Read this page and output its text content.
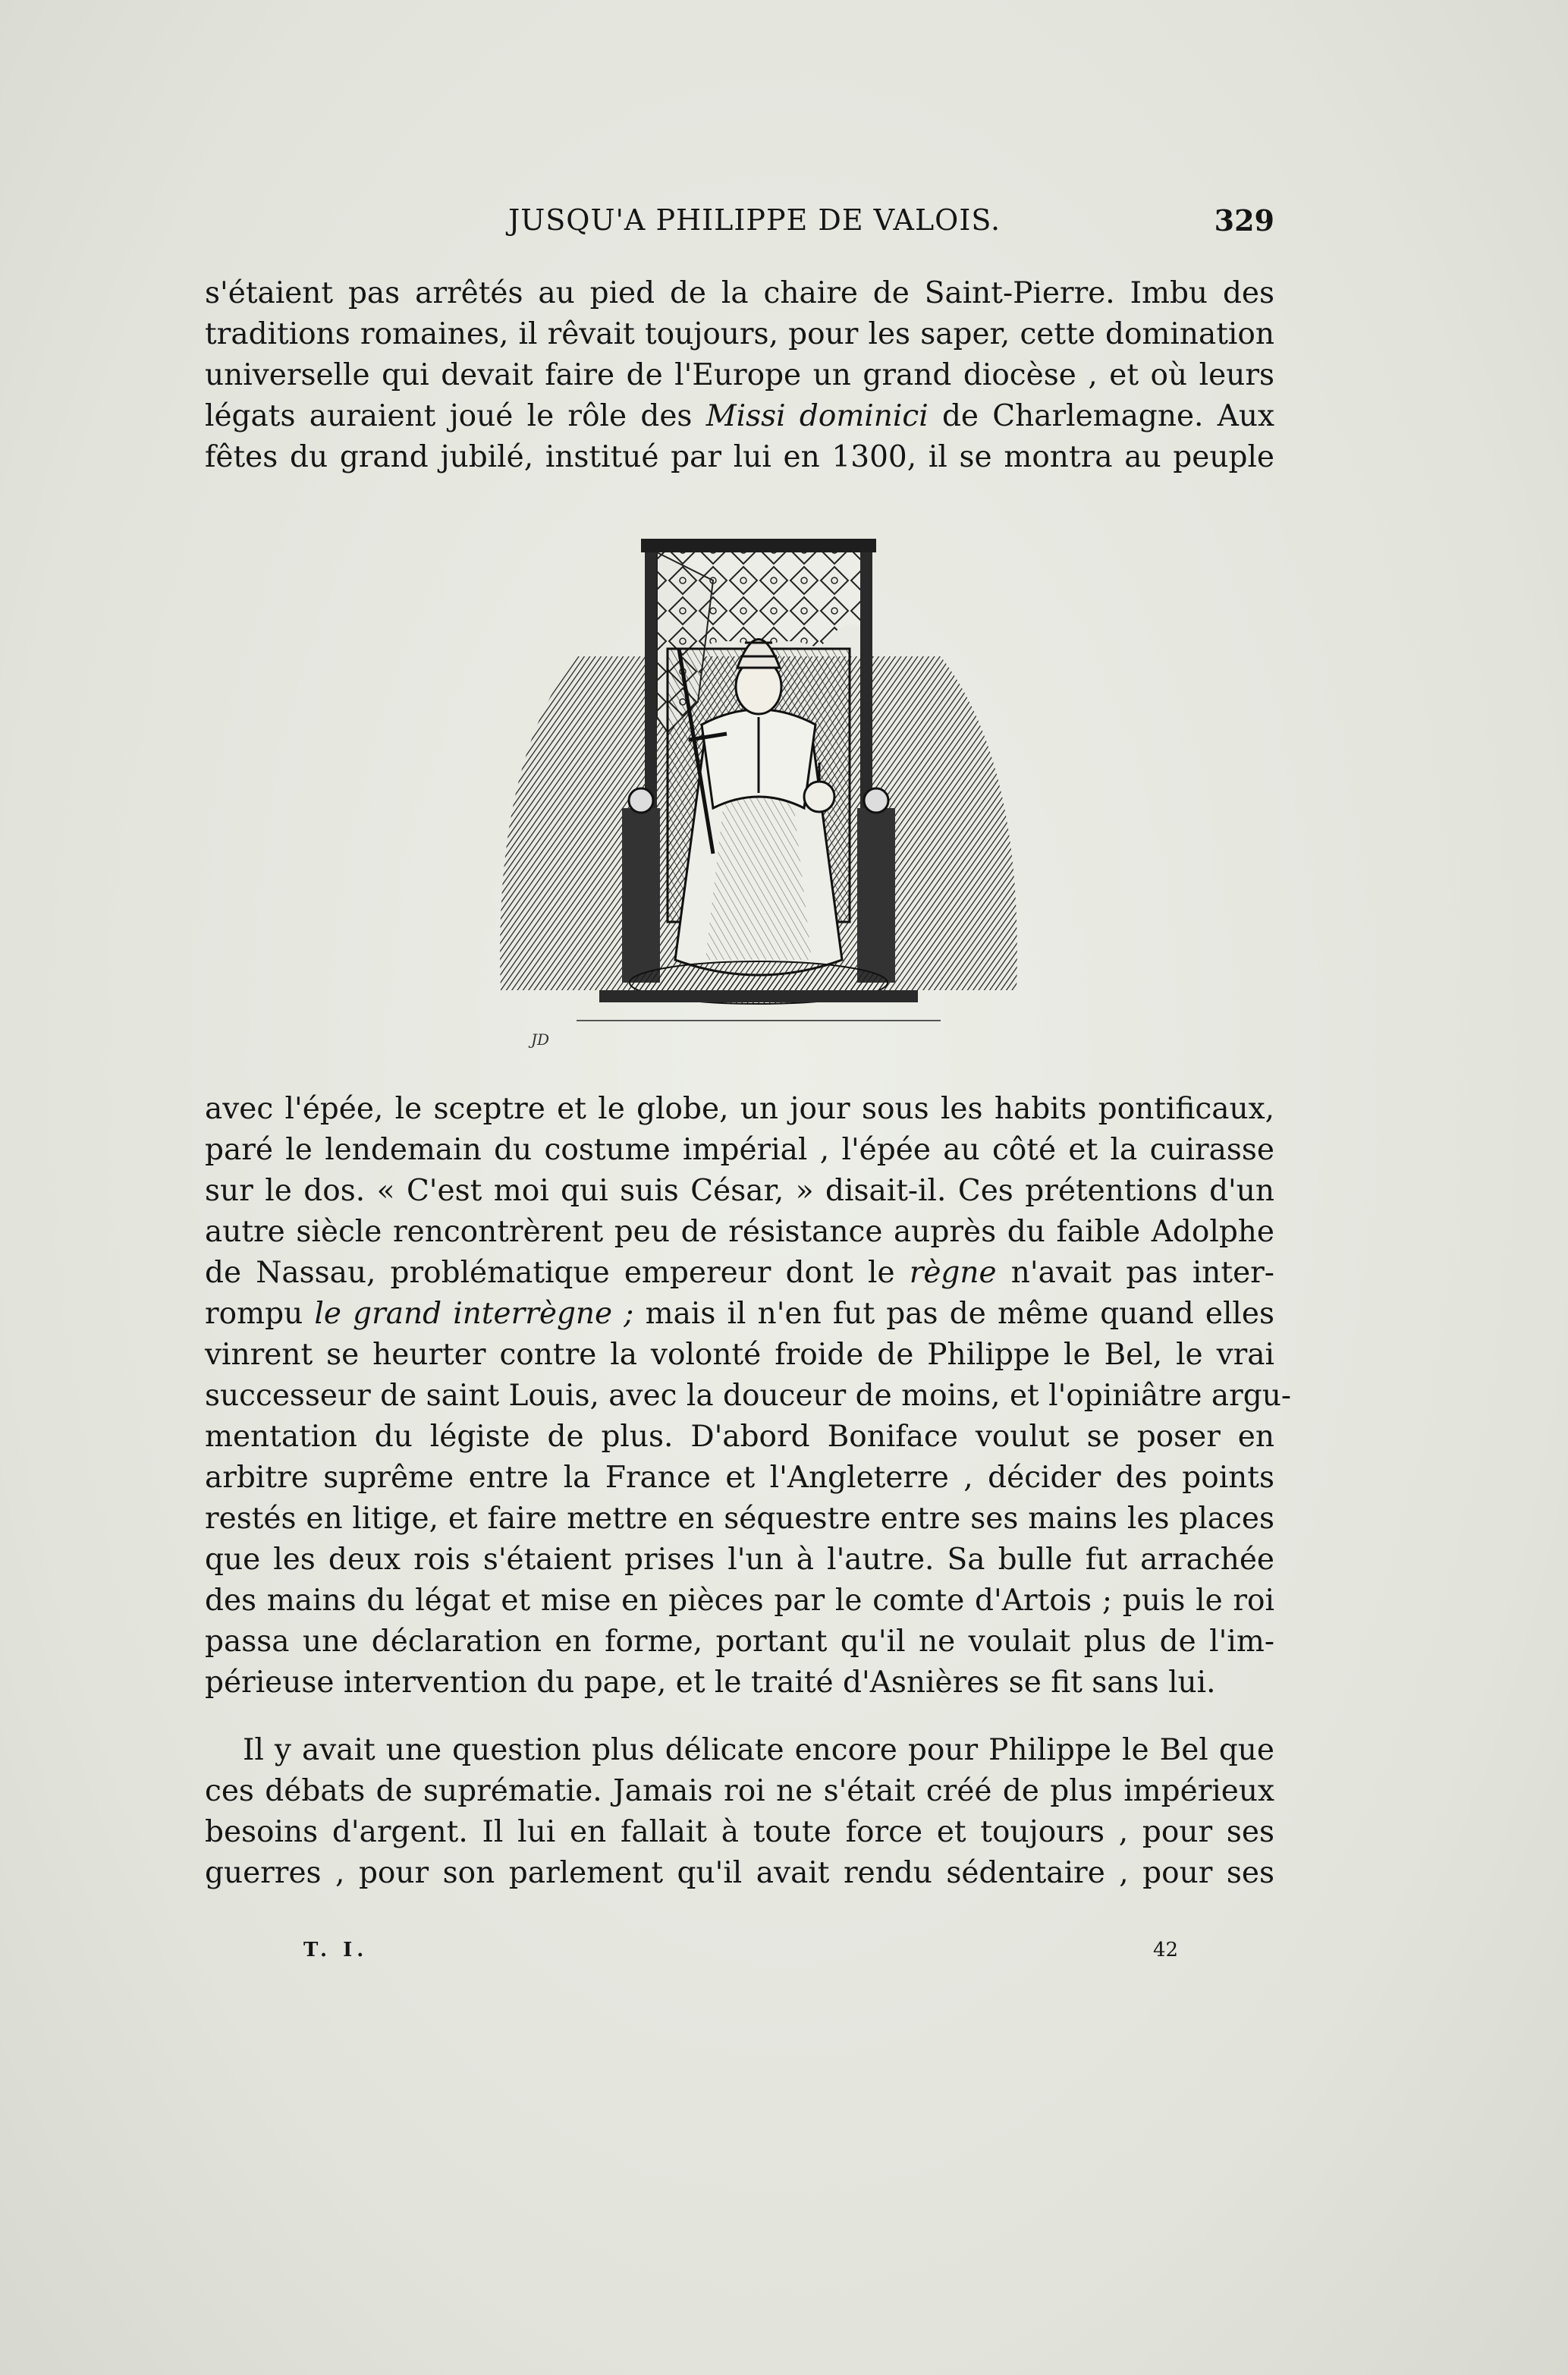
JUSQU'A PHILIPPE DE VALOIS.	329
s'étaient pas arrêtés au pied de la chaire de Saint-Pierre. Imbu des
traditions romaines, il rêvait toujours, pour les saper, cette domination
universelle qui devait faire de l'Europe un grand diocèse , et où leurs
légats auraient joué le rôle des Missi dominici de Charlemagne. Aux
fêtes du grand jubilé, institué par lui en 1300, il se montra au peuple
JD
avec l'épée, le sceptre et le globe, un jour sous les habits pontificaux,
paré le lendemain du costume impérial , l'épée au côté et la cuirasse
sur le dos. « C'est moi qui suis César, » disait-il. Ces prétentions d'un
autre siècle rencontrèrent peu de résistance auprès du faible Adolphe
de Nassau, problématique empereur dont le règne n'avait pas inter-
rompu le grand interrègne ; mais il n'en fut pas de même quand elles
vinrent se heurter contre la volonté froide de Philippe le Bel, le vrai
successeur de saint Louis, avec la douceur de moins, et l'opiniâtre argu-
mentation du légiste de plus. D'abord Boniface voulut se poser en
arbitre suprême entre la France et l'Angleterre , décider des points
restés en litige, et faire mettre en séquestre entre ses mains les places
que les deux rois s'étaient prises l'un à l'autre. Sa bulle fut arrachée
des mains du légat et mise en pièces par le comte d'Artois ; puis le roi
passa une déclaration en forme, portant qu'il ne voulait plus de l'im-
périeuse intervention du pape, et le traité d'Asnières se fit sans lui.
Il y avait une question plus délicate encore pour Philippe le Bel que
ces débats de suprématie. Jamais roi ne s'était créé de plus impérieux
besoins d'argent. Il lui en fallait à toute force et toujours , pour ses
guerres , pour son parlement qu'il avait rendu sédentaire , pour ses
T. I.	42
